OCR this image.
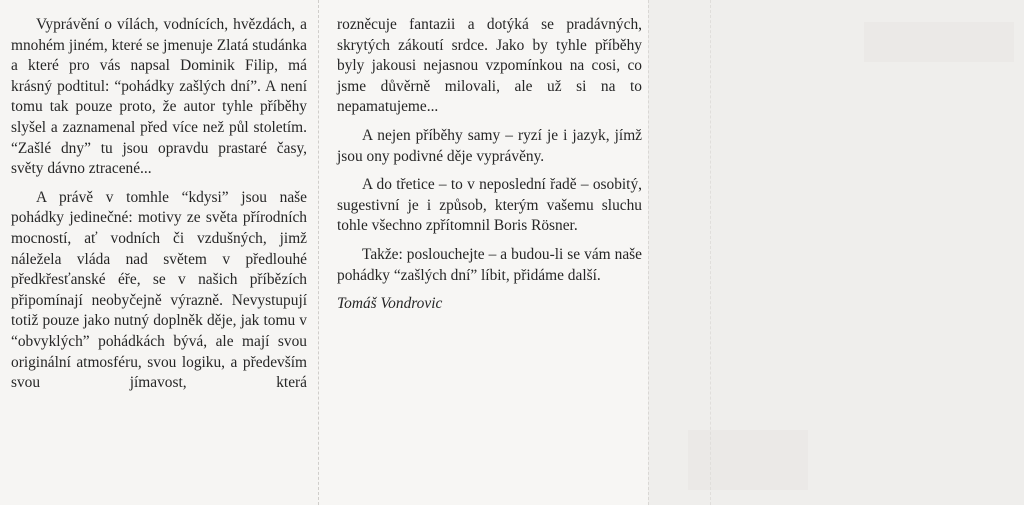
Vyprávění o vílách, vodnících, hvězdách, a mnohém jiném, které se jmenuje Zlatá studánka a které pro vás napsal Dominik Filip, má krásný podtitul: “pohádky zašlých dní”. A není tomu tak pouze proto, že autor tyhle příběhy slyšel a zaznamenal před více než půl stoletím. “Zašlé dny” tu jsou opravdu prastaré časy, světy dávno ztracené...

A právě v tomhle “kdysi” jsou naše pohádky jedinečné: motivy ze světa přírodních mocností, ať vodních či vzdušných, jimž náležela vláda nad světem v předlouhé předkřesťanské éře, se v našich příbězích připomínají neobyčejně výrazně. Nevystupují totiž pouze jako nutný doplněk děje, jak tomu v “obvyklých” pohádkách bývá, ale mají svou originální atmosféru, svou logiku, a především svou jímavost, která

rozněcuje fantazii a dotýká se pradávných, skrytých zákoutí srdce. Jako by tyhle příběhy byly jakousi nejasnou vzpomínkou na cosi, co jsme důvěrně milovali, ale už si na to nepamatujeme...

A nejen příběhy samy – ryzí je i jazyk, jímž jsou ony podivné děje vyprávěny.

A do třetice – to v neposlední řadě – osobitý, sugestivní je i způsob, kterým vašemu sluchu tohle všechno zpřítomnil Boris Rösner.

Takže: poslouchejte – a budou-li se vám naše pohádky “zašlých dní” líbit, přidáme další.

Tomáš Vondrovic
